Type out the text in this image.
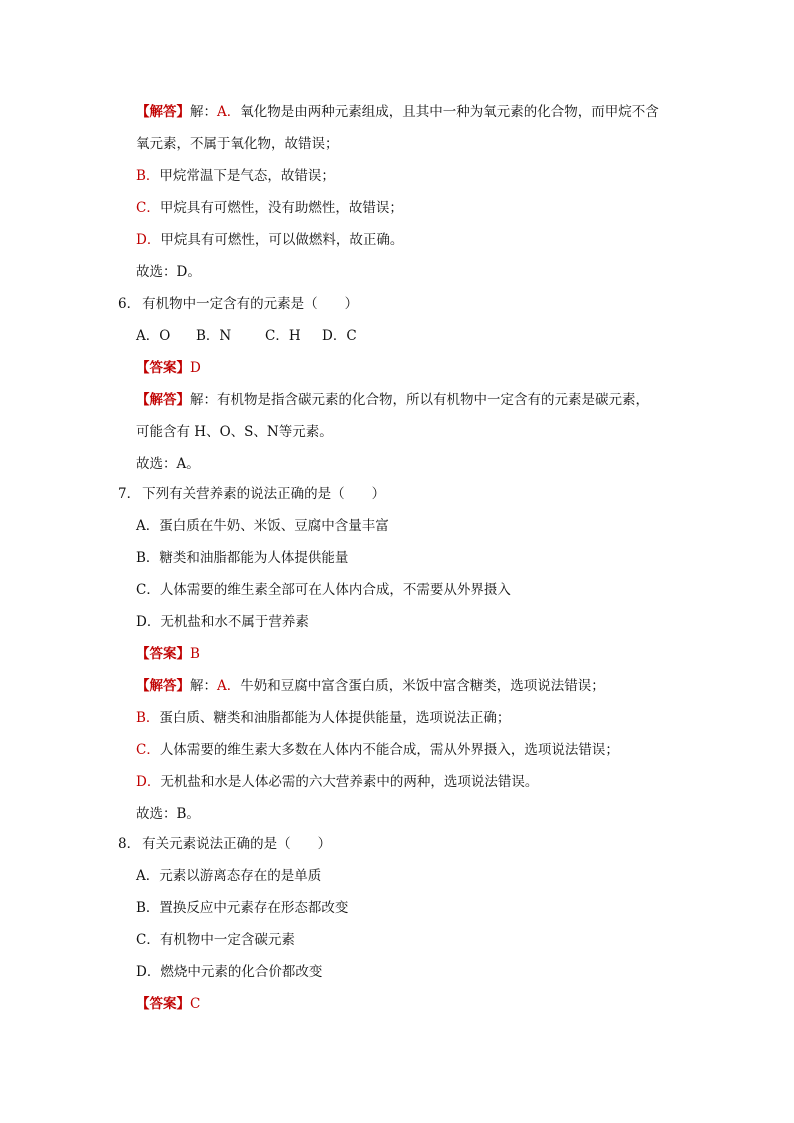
【解答】解：A．氧化物是由两种元素组成，且其中一种为氧元素的化合物，而甲烷不含
氧元素，不属于氧化物，故错误；
B．甲烷常温下是气态，故错误；
C．甲烷具有可燃性，没有助燃性，故错误；
D．甲烷具有可燃性，可以做燃料，故正确。
故选：D。
6． 有机物中一定含有的元素是（　　）
A．O B．N	C．H D．C
【答案】D
【解答】解：有机物是指含碳元素的化合物，所以有机物中一定含有的元素是碳元素，
可能含有 H、O、S、N等元素。
故选：A。
7． 下列有关营养素的说法正确的是（　　）
A．蛋白质在牛奶、米饭、豆腐中含量丰富
B．糖类和油脂都能为人体提供能量
C．人体需要的维生素全部可在人体内合成，不需要从外界摄入
D．无机盐和水不属于营养素
【答案】B
【解答】解：A．牛奶和豆腐中富含蛋白质，米饭中富含糖类，选项说法错误；
B．蛋白质、糖类和油脂都能为人体提供能量，选项说法正确；
C．人体需要的维生素大多数在人体内不能合成，需从外界摄入，选项说法错误；
D．无机盐和水是人体必需的六大营养素中的两种，选项说法错误。
故选：B。
8． 有关元素说法正确的是（　　）
A．元素以游离态存在的是单质
B．置换反应中元素存在形态都改变
C．有机物中一定含碳元素
D．燃烧中元素的化合价都改变
【答案】C
